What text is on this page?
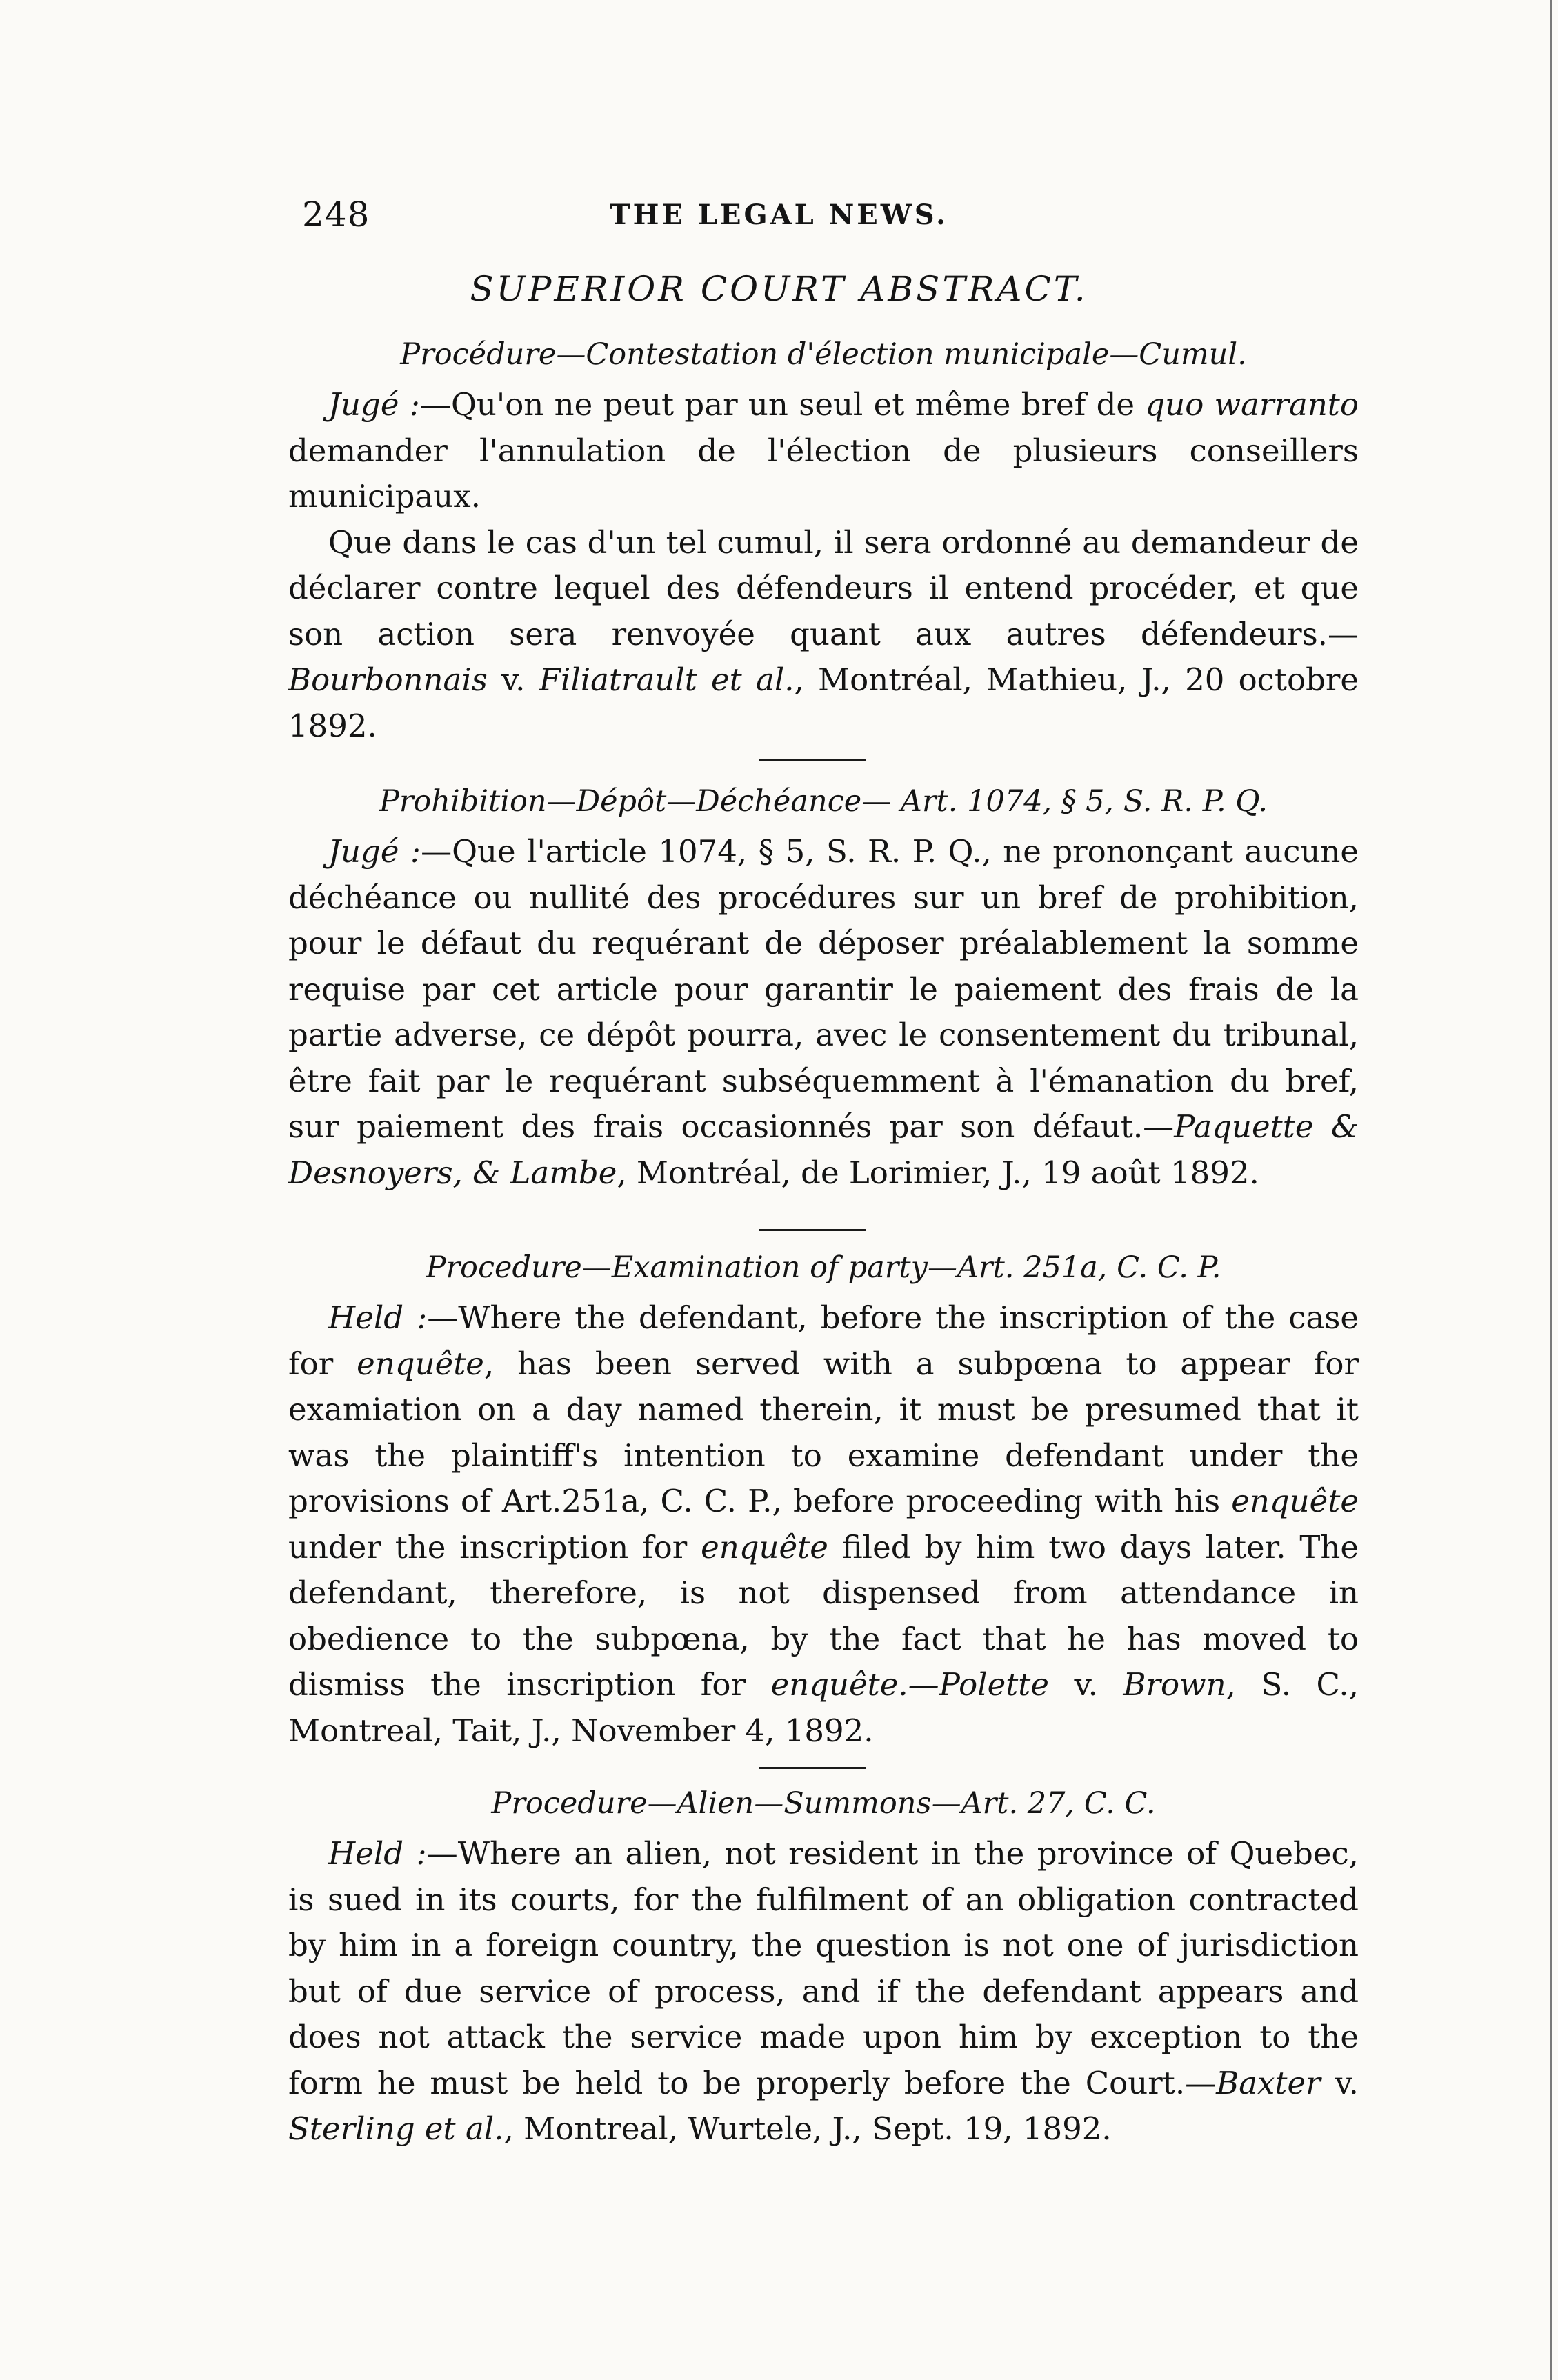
248	THE LEGAL NEWS.
SUPERIOR COURT ABSTRACT.
Procédure—Contestation d'élection municipale—Cumul.

Jugé :—Qu'on ne peut par un seul et même bref de quo warranto demander l'annulation de l'élection de plusieurs conseillers municipaux.

Que dans le cas d'un tel cumul, il sera ordonné au demandeur de déclarer contre lequel des défendeurs il entend procéder, et que son action sera renvoyée quant aux autres défendeurs.—Bourbonnais v. Filiatrault et al., Montréal, Mathieu, J., 20 octobre 1892.

Prohibition—Dépôt—Déchéance— Art. 1074, § 5, S. R. P. Q.

Jugé :—Que l'article 1074, § 5, S. R. P. Q., ne prononçant aucune déchéance ou nullité des procédures sur un bref de prohibition, pour le défaut du requérant de déposer préalablement la somme requise par cet article pour garantir le paiement des frais de la partie adverse, ce dépôt pourra, avec le consentement du tribunal, être fait par le requérant subséquemment à l'émanation du bref, sur paiement des frais occasionnés par son défaut.—Paquette & Desnoyers, & Lambe, Montréal, de Lorimier, J., 19 août 1892.

Procedure—Examination of party—Art. 251a, C. C. P.

Held :—Where the defendant, before the inscription of the case for enquête, has been served with a subpœna to appear for examiation on a day named therein, it must be presumed that it was the plaintiff's intention to examine defendant under the provisions of Art.251a, C. C. P., before proceeding with his enquête under the inscription for enquête filed by him two days later. The defendant, therefore, is not dispensed from attendance in obedience to the subpœna, by the fact that he has moved to dismiss the inscription for enquête.—Polette v. Brown, S. C., Montreal, Tait, J., November 4, 1892.

Procedure—Alien—Summons—Art. 27, C. C.

Held :—Where an alien, not resident in the province of Quebec, is sued in its courts, for the fulfilment of an obligation contracted by him in a foreign country, the question is not one of jurisdiction but of due service of process, and if the defendant appears and does not attack the service made upon him by exception to the form he must be held to be properly before the Court.—Baxter v. Sterling et al., Montreal, Wurtele, J., Sept. 19, 1892.
